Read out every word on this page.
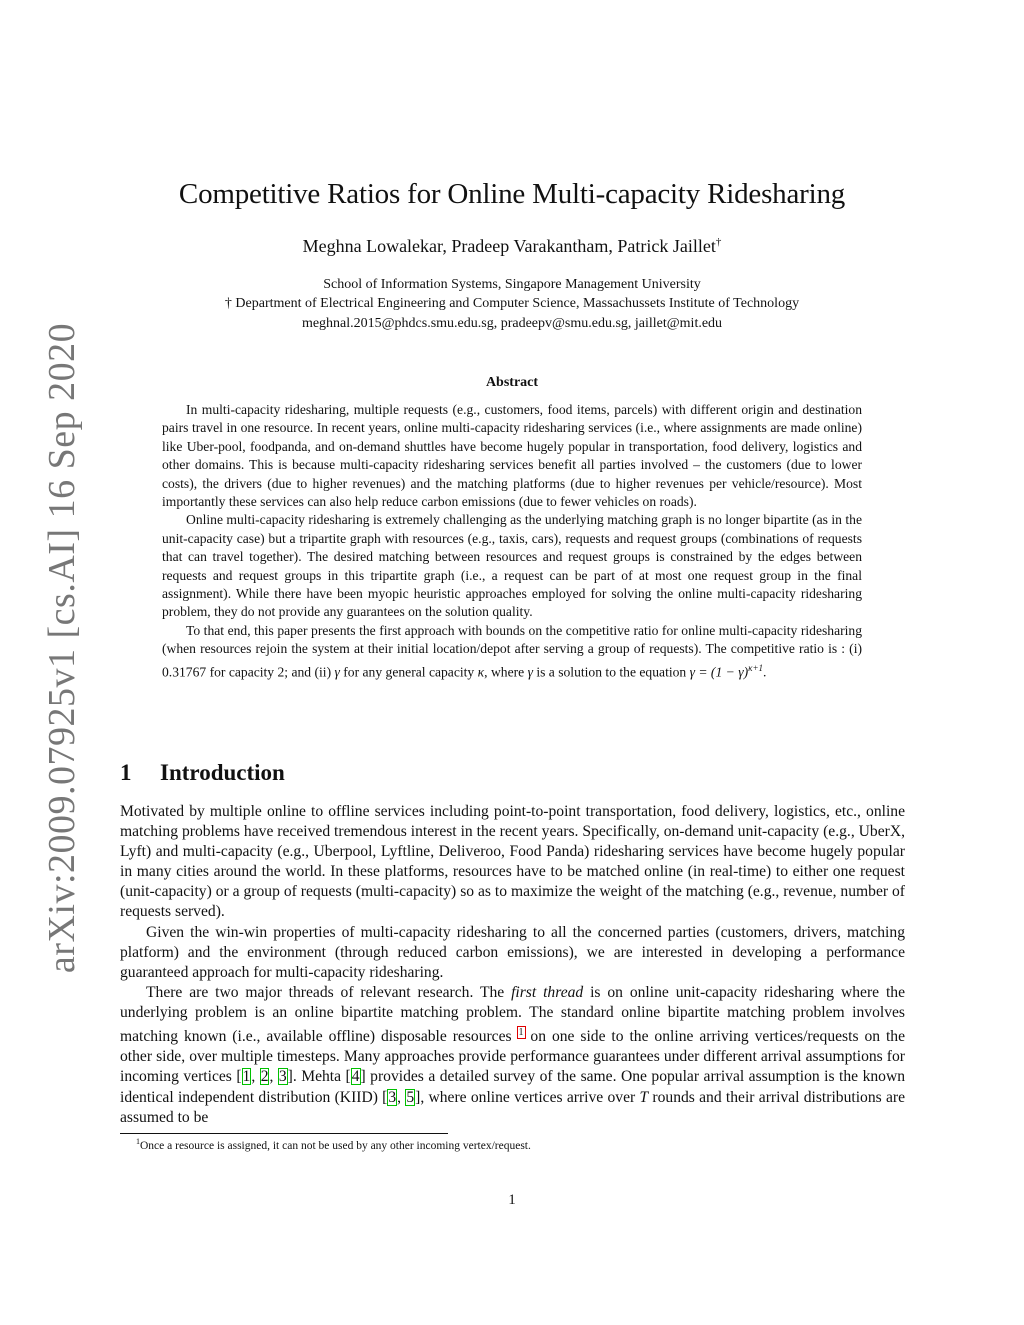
arXiv:2009.07925v1 [cs.AI] 16 Sep 2020
Competitive Ratios for Online Multi-capacity Ridesharing
Meghna Lowalekar, Pradeep Varakantham, Patrick Jaillet†
School of Information Systems, Singapore Management University
† Department of Electrical Engineering and Computer Science, Massachussets Institute of Technology
meghnal.2015@phdcs.smu.edu.sg, pradeepv@smu.edu.sg, jaillet@mit.edu
Abstract

In multi-capacity ridesharing, multiple requests (e.g., customers, food items, parcels) with different origin and destination pairs travel in one resource. In recent years, online multi-capacity ridesharing services (i.e., where assignments are made online) like Uber-pool, foodpanda, and on-demand shuttles have become hugely popular in transportation, food delivery, logistics and other domains. This is because multi-capacity ridesharing services benefit all parties involved – the customers (due to lower costs), the drivers (due to higher revenues) and the matching platforms (due to higher revenues per vehicle/resource). Most importantly these services can also help reduce carbon emissions (due to fewer vehicles on roads).

Online multi-capacity ridesharing is extremely challenging as the underlying matching graph is no longer bipartite (as in the unit-capacity case) but a tripartite graph with resources (e.g., taxis, cars), requests and request groups (combinations of requests that can travel together). The desired matching between resources and request groups is constrained by the edges between requests and request groups in this tripartite graph (i.e., a request can be part of at most one request group in the final assignment). While there have been myopic heuristic approaches employed for solving the online multi-capacity ridesharing problem, they do not provide any guarantees on the solution quality.

To that end, this paper presents the first approach with bounds on the competitive ratio for online multi-capacity ridesharing (when resources rejoin the system at their initial location/depot after serving a group of requests). The competitive ratio is : (i) 0.31767 for capacity 2; and (ii) γ for any general capacity κ, where γ is a solution to the equation $\gamma = (1 - \gamma)^{\kappa+1}$.

1 Introduction

Motivated by multiple online to offline services including point-to-point transportation, food delivery, logistics, etc., online matching problems have received tremendous interest in the recent years. Specifically, on-demand unit-capacity (e.g., UberX, Lyft) and multi-capacity (e.g., Uberpool, Lyftline, Deliveroo, Food Panda) ridesharing services have become hugely popular in many cities around the world. In these platforms, resources have to be matched online (in real-time) to either one request (unit-capacity) or a group of requests (multi-capacity) so as to maximize the weight of the matching (e.g., revenue, number of requests served).

Given the win-win properties of multi-capacity ridesharing to all the concerned parties (customers, drivers, matching platform) and the environment (through reduced carbon emissions), we are interested in developing a performance guaranteed approach for multi-capacity ridesharing.

There are two major threads of relevant research. The first thread is on online unit-capacity ridesharing where the underlying problem is an online bipartite matching problem. The standard online bipartite matching problem involves matching known (i.e., available offline) disposable resources $^1$ on one side to the online arriving vertices/requests on the other side, over multiple timesteps. Many approaches provide performance guarantees under different arrival assumptions for incoming vertices [1, 2, 3]. Mehta [4] provides a detailed survey of the same. One popular arrival assumption is the known identical independent distribution (KIID) [3, 5], where online vertices arrive over T rounds and their arrival distributions are assumed to be

$^1$Once a resource is assigned, it can not be used by any other incoming vertex/request.
1
